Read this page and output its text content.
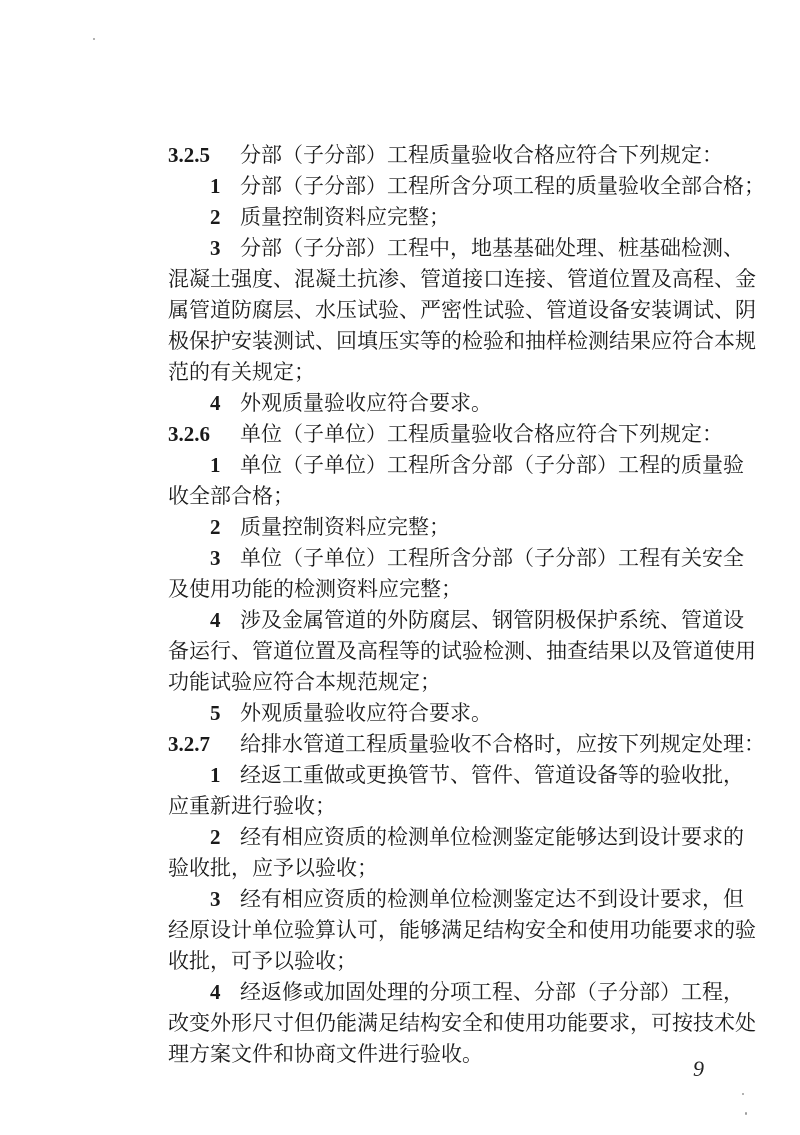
3.2.5 分部（子分部）工程质量验收合格应符合下列规定：
1 分部（子分部）工程所含分项工程的质量验收全部合格；
2 质量控制资料应完整；
3 分部（子分部）工程中，地基基础处理、桩基础检测、
混凝土强度、混凝土抗渗、管道接口连接、管道位置及高程、金
属管道防腐层、水压试验、严密性试验、管道设备安装调试、阴
极保护安装测试、回填压实等的检验和抽样检测结果应符合本规
范的有关规定；
4 外观质量验收应符合要求。
3.2.6 单位（子单位）工程质量验收合格应符合下列规定：
1 单位（子单位）工程所含分部（子分部）工程的质量验
收全部合格；
2 质量控制资料应完整；
3 单位（子单位）工程所含分部（子分部）工程有关安全
及使用功能的检测资料应完整；
4 涉及金属管道的外防腐层、钢管阴极保护系统、管道设
备运行、管道位置及高程等的试验检测、抽查结果以及管道使用
功能试验应符合本规范规定；
5 外观质量验收应符合要求。
3.2.7 给排水管道工程质量验收不合格时，应按下列规定处理：
1 经返工重做或更换管节、管件、管道设备等的验收批，
应重新进行验收；
2 经有相应资质的检测单位检测鉴定能够达到设计要求的
验收批，应予以验收；
3 经有相应资质的检测单位检测鉴定达不到设计要求，但
经原设计单位验算认可，能够满足结构安全和使用功能要求的验
收批，可予以验收；
4 经返修或加固处理的分项工程、分部（子分部）工程，
改变外形尺寸但仍能满足结构安全和使用功能要求，可按技术处
理方案文件和协商文件进行验收。
9
